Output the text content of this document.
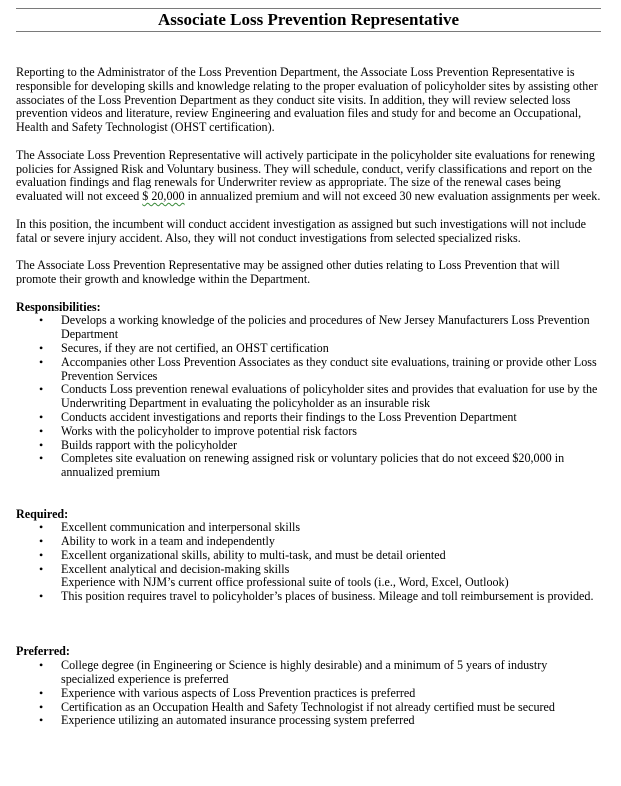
Associate Loss Prevention Representative

Reporting to the Administrator of the Loss Prevention Department, the Associate Loss Prevention Representative is responsible for developing skills and knowledge relating to the proper evaluation of policyholder sites by assisting other associates of the Loss Prevention Department as they conduct site visits. In addition, they will review selected loss prevention videos and literature, review Engineering and evaluation files and study for and become an Occupational, Health and Safety Technologist (OHST certification).

The Associate Loss Prevention Representative will actively participate in the policyholder site evaluations for renewing policies for Assigned Risk and Voluntary business. They will schedule, conduct, verify classifications and report on the evaluation findings and flag renewals for Underwriter review as appropriate. The size of the renewal cases being evaluated will not exceed $ 20,000 in annualized premium and will not exceed 30 new evaluation assignments per week.

In this position, the incumbent will conduct accident investigation as assigned but such investigations will not include fatal or severe injury accident. Also, they will not conduct investigations from selected specialized risks.

The Associate Loss Prevention Representative may be assigned other duties relating to Loss Prevention that will promote their growth and knowledge within the Department.

Responsibilities:
• Develops a working knowledge of the policies and procedures of New Jersey Manufacturers Loss Prevention Department
• Secures, if they are not certified, an OHST certification
• Accompanies other Loss Prevention Associates as they conduct site evaluations, training or provide other Loss Prevention Services
• Conducts Loss prevention renewal evaluations of policyholder sites and provides that evaluation for use by the Underwriting Department in evaluating the policyholder as an insurable risk
• Conducts accident investigations and reports their findings to the Loss Prevention Department
• Works with the policyholder to improve potential risk factors
• Builds rapport with the policyholder
• Completes site evaluation on renewing assigned risk or voluntary policies that do not exceed $20,000 in annualized premium
Required:
• Excellent communication and interpersonal skills
• Ability to work in a team and independently
• Excellent organizational skills, ability to multi-task, and must be detail oriented
• Excellent analytical and decision-making skills
Experience with NJM’s current office professional suite of tools (i.e., Word, Excel, Outlook)
• This position requires travel to policyholder’s places of business. Mileage and toll reimbursement is provided.
Preferred:
• College degree (in Engineering or Science is highly desirable) and a minimum of 5 years of industry specialized experience is preferred
• Experience with various aspects of Loss Prevention practices is preferred
• Certification as an Occupation Health and Safety Technologist if not already certified must be secured
• Experience utilizing an automated insurance processing system preferred
